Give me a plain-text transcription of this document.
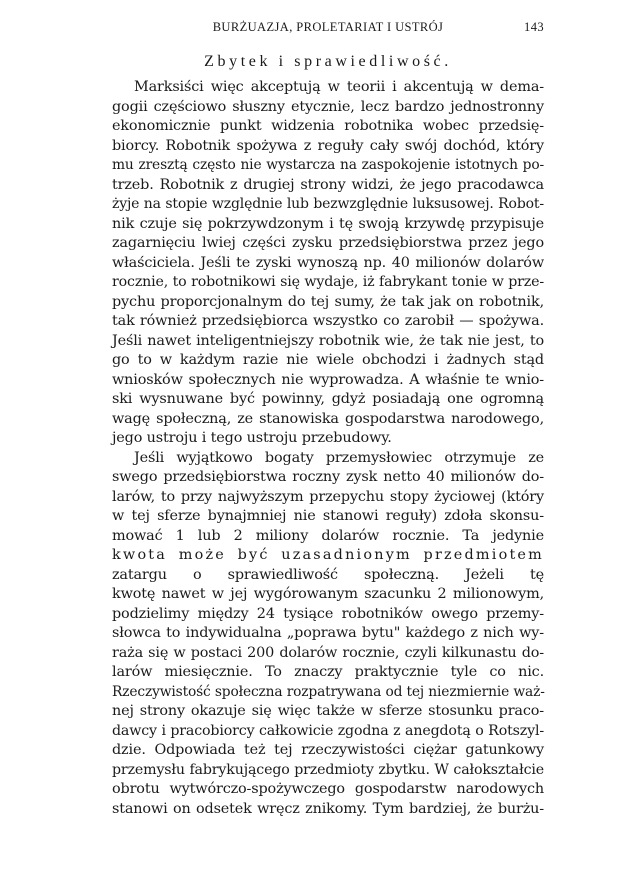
BURŻUAZJA, PROLETARIAT I USTRÓJ	143
Zbytek i sprawiedliwość.
Marksiści więc akceptują w teorii i akcentują w dema-
gogii częściowo słuszny etycznie, lecz bardzo jednostronny
ekonomicznie punkt widzenia robotnika wobec przedsię-
biorcy. Robotnik spożywa z reguły cały swój dochód, który
mu zresztą często nie wystarcza na zaspokojenie istotnych po-
trzeb. Robotnik z drugiej strony widzi, że jego pracodawca
żyje na stopie względnie lub bezwzględnie luksusowej. Robot-
nik czuje się pokrzywdzonym i tę swoją krzywdę przypisuje
zagarnięciu lwiej części zysku przedsiębiorstwa przez jego
właściciela. Jeśli te zyski wynoszą np. 40 milionów dolarów
rocznie, to robotnikowi się wydaje, iż fabrykant tonie w prze-
pychu proporcjonalnym do tej sumy, że tak jak on robotnik,
tak również przedsiębiorca wszystko co zarobił — spożywa.
Jeśli nawet inteligentniejszy robotnik wie, że tak nie jest, to
go to w każdym razie nie wiele obchodzi i żadnych stąd
wniosków społecznych nie wyprowadza. A właśnie te wnio-
ski wysnuwane być powinny, gdyż posiadają one ogromną
wagę społeczną, ze stanowiska gospodarstwa narodowego,
jego ustroju i tego ustroju przebudowy.
Jeśli wyjątkowo bogaty przemysłowiec otrzymuje ze
swego przedsiębiorstwa roczny zysk netto 40 milionów do-
larów, to przy najwyższym przepychu stopy życiowej (który
w tej sferze bynajmniej nie stanowi reguły) zdoła skonsu-
mować 1 lub 2 miliony dolarów rocznie. Ta jedynie
kwota może być uzasadnionym przedmiotem
zatargu o sprawiedliwość społeczną. Jeżeli tę
kwotę nawet w jej wygórowanym szacunku 2 milionowym,
podzielimy między 24 tysiące robotników owego przemy-
słowca to indywidualna „poprawa bytu" każdego z nich wy-
raża się w postaci 200 dolarów rocznie, czyli kilkunastu do-
larów miesięcznie. To znaczy praktycznie tyle co nic.
Rzeczywistość społeczna rozpatrywana od tej niezmiernie waż-
nej strony okazuje się więc także w sferze stosunku praco-
dawcy i pracobiorcy całkowicie zgodna z anegdotą o Rotszyl-
dzie. Odpowiada też tej rzeczywistości ciężar gatunkowy
przemysłu fabrykującego przedmioty zbytku. W całokształcie
obrotu wytwórczo-spożywczego gospodarstw narodowych
stanowi on odsetek wręcz znikomy. Tym bardziej, że burżu-
